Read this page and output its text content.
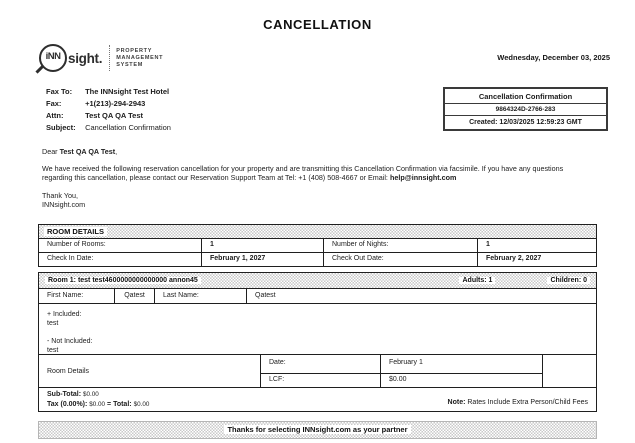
CANCELLATION
iNN sight.	PROPERTY
MANAGEMENT
SYSTEM
Wednesday, December 03, 2025
Fax To: The INNsight Test Hotel
Fax:	+1(213)-294-2943
Attn:	Test QA QA Test
Subject: Cancellation Confirmation
Cancellation Confirmation
9864324D-2766-283
Created: 12/03/2025 12:59:23 GMT

Dear Test QA QA Test,

We have received the following reservation cancellation for your property and are transmitting this Cancellation Confirmation via facsimile. If you have any questions regarding this cancellation, please contact our Reservation Support Team at Tel: +1 (408) 508-4667 or Email: help@innsight.com

Thank You,

INNsight.com

ROOM DETAILS
Number of Rooms:	1	Number of Nights:	1
Check In Date:	February 1, 2027	Check Out Date:	February 2, 2027
Room 1: test test4600000000000000 annon45	Adults: 1	Children: 0
First Name:	Qatest	Last Name:	Qatest
+ Included:
test
- Not Included:
test
Room Details
Date:	February 1
LCF:	$0.00
Sub-Total: $0.00
Tax (0.00%): $0.00 = Total: $0.00	Note: Rates Include Extra Person/Child Fees
Thanks for selecting INNsight.com as your partner
